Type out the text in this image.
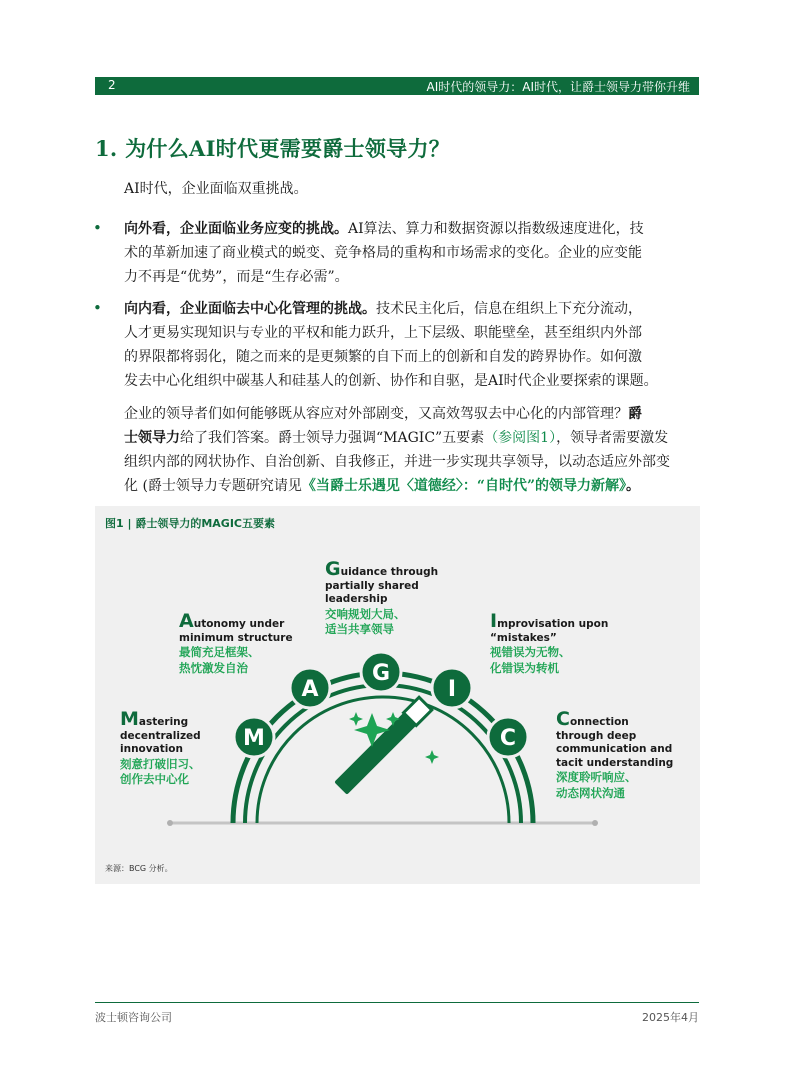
2	AI时代的领导力：AI时代，让爵士领导力带你升维
1. 为什么AI时代更需要爵士领导力？

AI时代，企业面临双重挑战。

• 向外看，企业面临业务应变的挑战。AI算法、算力和数据资源以指数级速度进化，技
术的革新加速了商业模式的蜕变、竞争格局的重构和市场需求的变化。企业的应变能
力不再是“优势”，而是“生存必需”。

• 向内看，企业面临去中心化管理的挑战。技术民主化后，信息在组织上下充分流动，
人才更易实现知识与专业的平权和能力跃升，上下层级、职能壁垒，甚至组织内外部
的界限都将弱化，随之而来的是更频繁的自下而上的创新和自发的跨界协作。如何激
发去中心化组织中碳基人和硅基人的创新、协作和自驱，是AI时代企业要探索的课题。

企业的领导者们如何能够既从容应对外部剧变，又高效驾驭去中心化的内部管理？爵
士领导力给了我们答案。爵士领导力强调“MAGIC”五要素（参阅图1），领导者需要激发
组织内部的网状协作、自治创新、自我修正，并进一步实现共享领导，以动态适应外部变
化 (爵士领导力专题研究请见《当爵士乐遇见〈道德经〉：“自时代”的领导力新解》。

图1 | 爵士领导力的MAGIC五要素
M
A
G
I
C
Mastering
decentralized
innovation
刻意打破旧习、
创作去中心化
Autonomy under
minimum structure
最简充足框架、
热忱激发自治
Guidance through
partially shared
leadership
交响规划大局、
适当共享领导	Improvisation upon
“mistakes”
视错误为无物、
化错误为转机
Connection
through deep
communication and
tacit understanding
深度聆听响应、
动态网状沟通
来源：BCG 分析。
波士顿咨询公司	2025年4月
